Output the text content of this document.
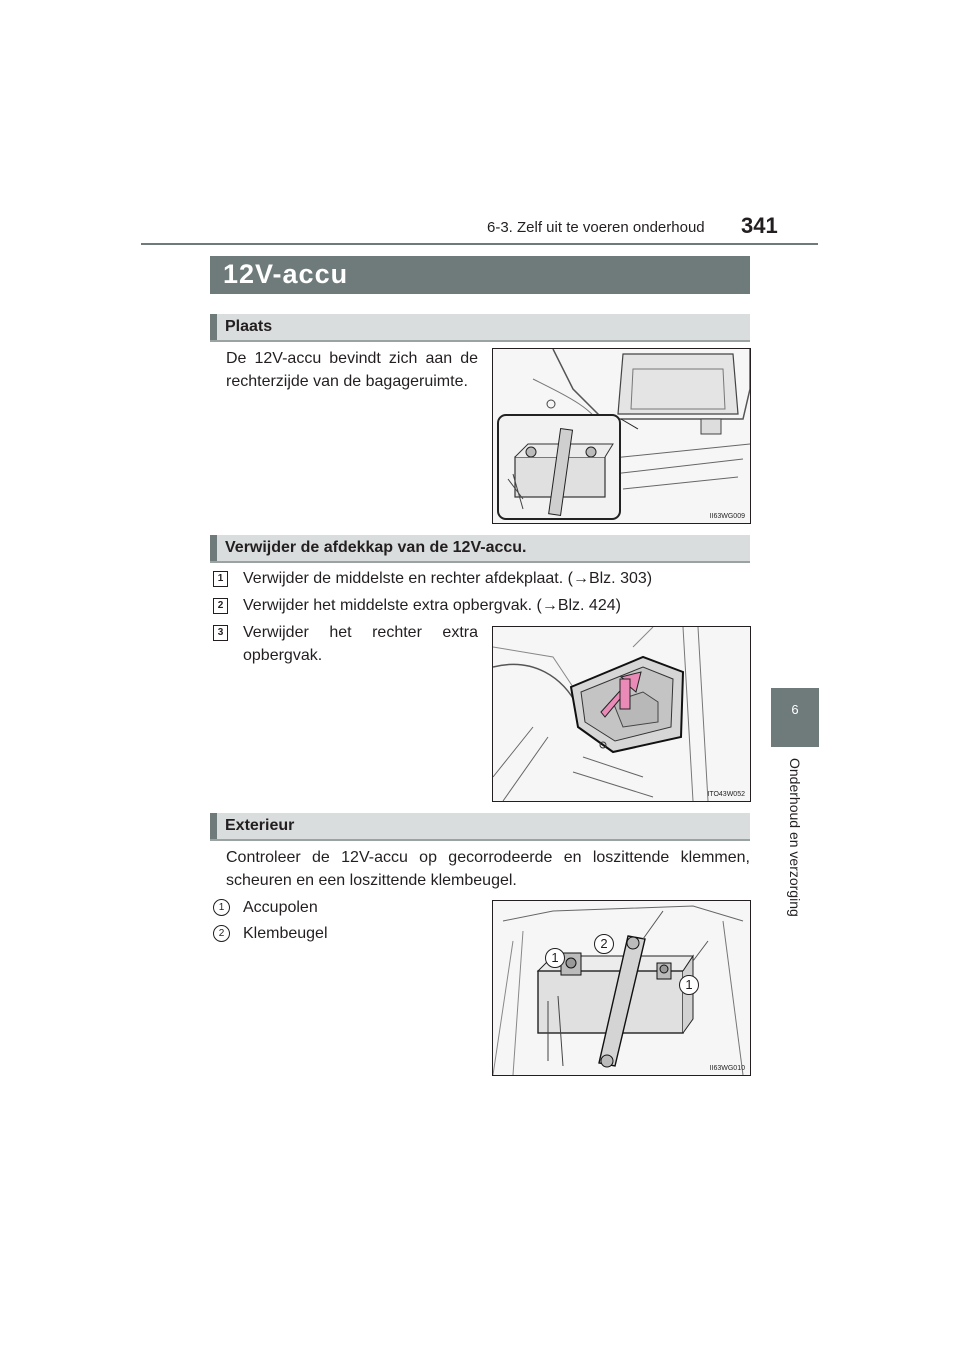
6-3. Zelf uit te voeren onderhoud 341
6
Onderhoud en verzorging
12V-accu
Plaats
De 12V-accu bevindt zich aan de rechterzijde van de bagageruimte.
II63WG009
Verwijder de afdekkap van de 12V-accu.
1 Verwijder de middelste en rechter afdekplaat. (→Blz. 303)
2 Verwijder het middelste extra opbergvak. (→Blz. 424)
3 Verwijder het rechter extra opbergvak.
ITO43W052
Exterieur
Controleer de 12V-accu op gecorrodeerde en loszittende klemmen, scheuren en een loszittende klembeugel.
1	Accupolen
2	Klembeugel
1
2
1
II63WG010
